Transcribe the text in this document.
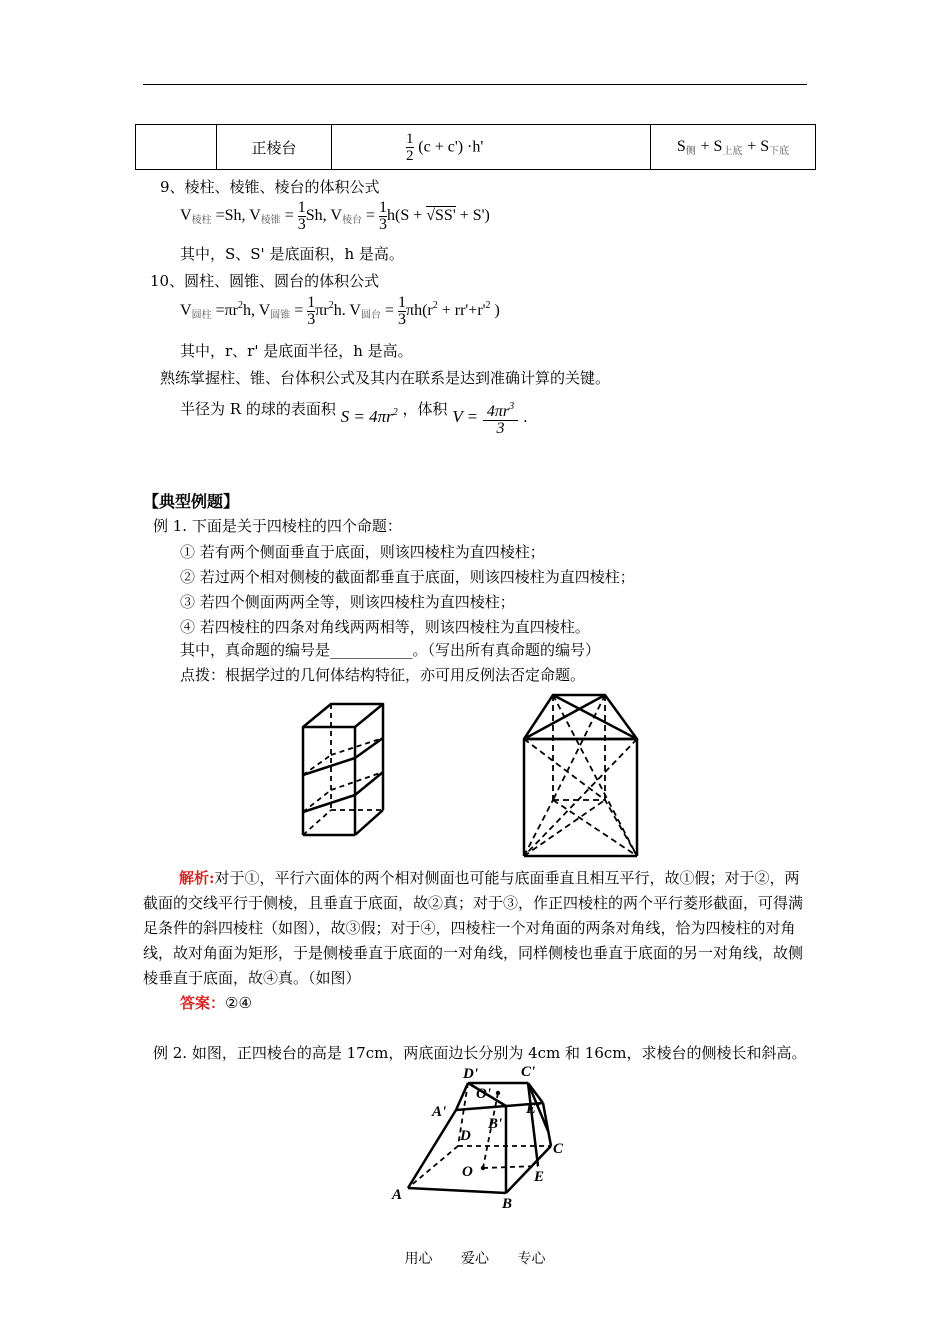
	正棱台	$\frac{1}{2} (c + c') \cdot h'$	$S_侧 + S_{上底} + S_{下底}$
9、棱柱、棱锥、棱台的体积公式
$V_{棱柱} =Sh$, $V_{棱锥} = \frac{1}{3} Sh$, $V_{棱台} = \frac{1}{3} h(S + √SS' + S')$
其中，S、S' 是底面积，h 是高。
10、圆柱、圆锥、圆台的体积公式
$V_{圆柱} =\pi r^2h$, $V_{圆锥} = \frac{1}{3} \pi r^2h$. $V_{圆台} = \frac{1}{3} \pi h(r^2 + rr'+r'^2$ )
其中，r、r' 是底面半径，h 是高。
熟练掌握柱、锥、台体积公式及其内在联系是达到准确计算的关键。
半径为 R 的球的表面积 $S = 4\pi r^2$ ，体积 $V = \frac{4\pi r^3}{3}$ .
【典型例题】
例 1. 下面是关于四棱柱的四个命题：
① 若有两个侧面垂直于底面，则该四棱柱为直四棱柱；
② 若过两个相对侧棱的截面都垂直于底面，则该四棱柱为直四棱柱；
③ 若四个侧面两两全等，则该四棱柱为直四棱柱；
④ 若四棱柱的四条对角线两两相等，则该四棱柱为直四棱柱。
其中，真命题的编号是___________。（写出所有真命题的编号）
点拨：根据学过的几何体结构特征，亦可用反例法否定命题。
解析:对于①，平行六面体的两个相对侧面也可能与底面垂直且相互平行，故①假；对于②，两截面的交线平行于侧棱，且垂直于底面，故②真；对于③，作正四棱柱的两个平行菱形截面，可得满足条件的斜四棱柱（如图），故③假；对于④，四棱柱一个对角面的两条对角线，恰为四棱柱的对角线，故对角面为矩形，于是侧棱垂直于底面的一对角线，同样侧棱也垂直于底面的另一对角线，故侧棱垂直于底面，故④真。（如图）
答案：②④
例 2. 如图，正四棱台的高是 17cm，两底面边长分别为 4cm 和 16cm，求棱台的侧棱长和斜高。
D'	C'
O'
A'	E'
B'
D
C
O	E
A
B
用心 爱心 专心
